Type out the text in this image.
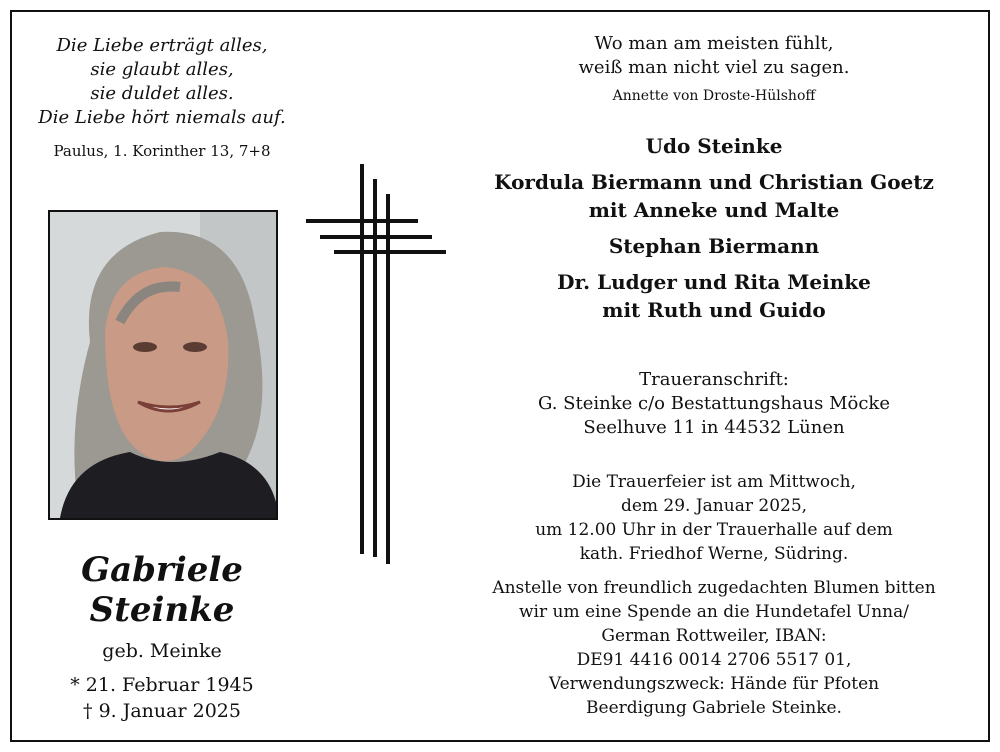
Die Liebe erträgt alles,
sie glaubt alles,
sie duldet alles.
Die Liebe hört niemals auf.
Paulus, 1. Korinther 13, 7+8
Gabriele
Steinke
geb. Meinke
* 21. Februar 1945
† 9. Januar 2025
Wo man am meisten fühlt,
weiß man nicht viel zu sagen.
Annette von Droste-Hülshoff
Udo Steinke
Kordula Biermann und Christian Goetz
mit Anneke und Malte
Stephan Biermann
Dr. Ludger und Rita Meinke
mit Ruth und Guido
Traueranschrift:
G. Steinke c/o Bestattungshaus Möcke
Seelhuve 11 in 44532 Lünen
Die Trauerfeier ist am Mittwoch,
dem 29. Januar 2025,
um 12.00 Uhr in der Trauerhalle auf dem
kath. Friedhof Werne, Südring.
Anstelle von freundlich zugedachten Blumen bitten
wir um eine Spende an die Hundetafel Unna/
German Rottweiler, IBAN:
DE91 4416 0014 2706 5517 01,
Verwendungszweck: Hände für Pfoten
Beerdigung Gabriele Steinke.
